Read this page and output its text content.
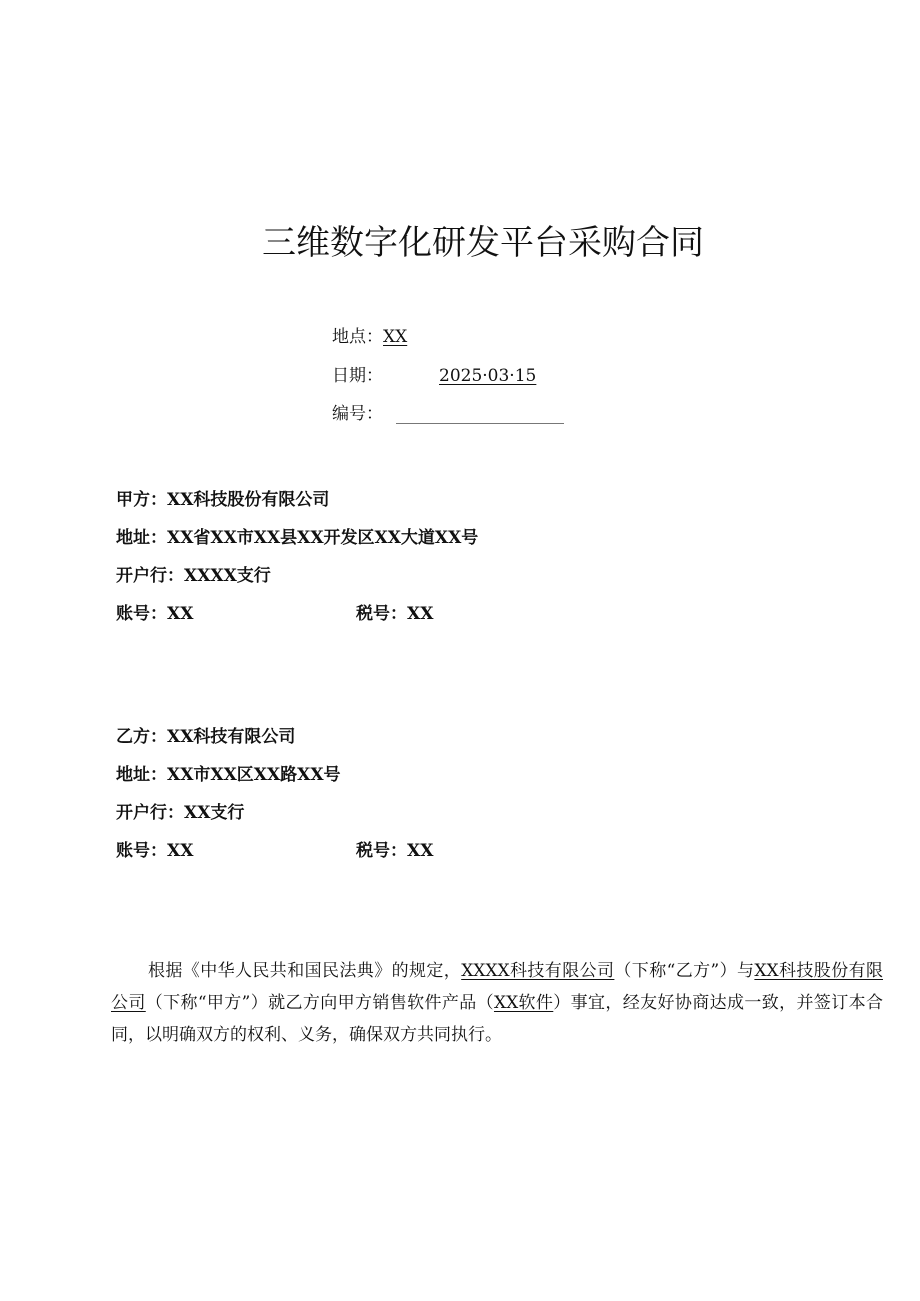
三维数字化研发平台采购合同
地点：XX
日期：	2025·03·15
编号：
甲方：XX科技股份有限公司
地址：XX省XX市XX县XX开发区XX大道XX号
开户行：XXXX支行
账号：XX	税号：XX
乙方：XX科技有限公司
地址：XX市XX区XX路XX号
开户行：XX支行
账号：XX	税号：XX

根据《中华人民共和国民法典》的规定，XXXX科技有限公司（下称“乙方”）与XX科技股份有限公司（下称“甲方”）就乙方向甲方销售软件产品（XX软件）事宜，经友好协商达成一致，并签订本合同，以明确双方的权利、义务，确保双方共同执行。
